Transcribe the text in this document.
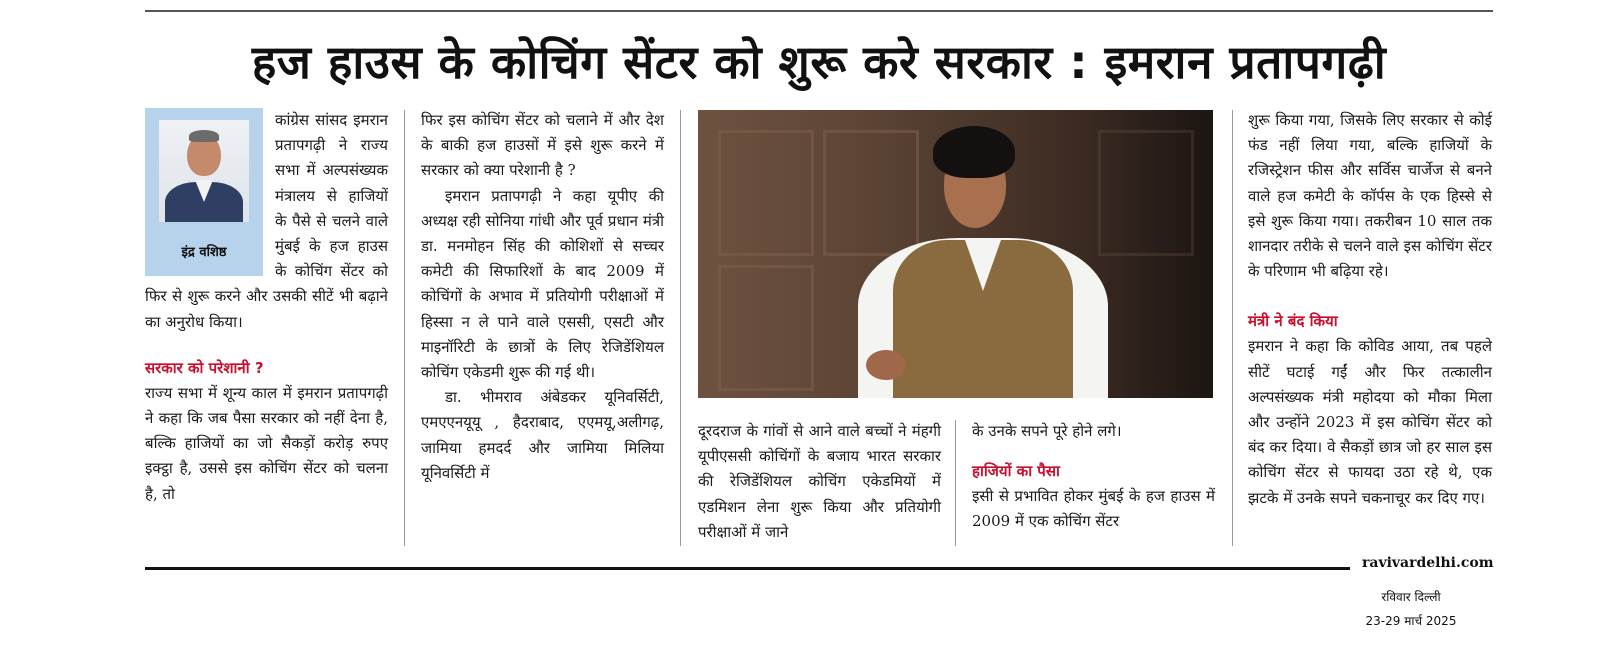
हज हाउस के कोचिंग सेंटर को शुरू करे सरकार : इमरान प्रतापगढ़ी
इंद्र वशिष्ठ

कांग्रेस सांसद इमरान प्रतापगढ़ी ने राज्य सभा में अल्पसंख्यक मंत्रालय से हाजियों के पैसे से चलने वाले मुंबई के हज हाउस के कोचिंग सेंटर को फिर से शुरू करने और उसकी सीटें भी बढ़ाने का अनुरोध किया।

सरकार को परेशानी ?

राज्य सभा में शून्य काल में इमरान प्रतापगढ़ी ने कहा कि जब पैसा सरकार को नहीं देना है, बल्कि हाजियों का जो सैकड़ों करोड़ रुपए इक्ट्ठा है, उससे इस कोचिंग सेंटर को चलना है, तो

फिर इस कोचिंग सेंटर को चलाने में और देश के बाकी हज हाउसों में इसे शुरू करने में सरकार को क्या परेशानी है ?

इमरान प्रतापगढ़ी ने कहा यूपीए की अध्यक्ष रही सोनिया गांधी और पूर्व प्रधान मंत्री डा. मनमोहन सिंह की कोशिशों से सच्चर कमेटी की सिफारिशों के बाद 2009 में कोचिंगों के अभाव में प्रतियोगी परीक्षाओं में हिस्सा न ले पाने वाले एससी, एसटी और माइनॉरिटी के छात्रों के लिए रेजिडेंशियल कोचिंग एकेडमी शुरू की गई थी।

डा. भीमराव अंबेडकर यूनिवर्सिटी, एमएएनयूयू , हैदराबाद, एएमयू,अलीगढ़, जामिया हमदर्द और जामिया मिलिया यूनिवर्सिटी में

दूरदराज के गांवों से आने वाले बच्चों ने मंहगी यूपीएससी कोचिंगों के बजाय भारत सरकार की रेजिडेंशियल कोचिंग एकेडमियों में एडमिशन लेना शुरू किया और प्रतियोगी परीक्षाओं में जाने

के उनके सपने पूरे होने लगे।

हाजियों का पैसा

इसी से प्रभावित होकर मुंबई के हज हाउस में 2009 में एक कोचिंग सेंटर

शुरू किया गया, जिसके लिए सरकार से कोई फंड नहीं लिया गया, बल्कि हाजियों के रजिस्ट्रेशन फीस और सर्विस चार्जेज से बनने वाले हज कमेटी के कॉर्पस के एक हिस्से से इसे शुरू किया गया। तकरीबन 10 साल तक शानदार तरीके से चलने वाले इस कोचिंग सेंटर के परिणाम भी बढ़िया रहे।

मंत्री ने बंद किया

इमरान ने कहा कि कोविड आया, तब पहले सीटें घटाई गईं और फिर तत्कालीन अल्पसंख्यक मंत्री महोदया को मौका मिला और उन्होंने 2023 में इस कोचिंग सेंटर को बंद कर दिया। वे सैकड़ों छात्र जो हर साल इस कोचिंग सेंटर से फायदा उठा रहे थे, एक झटके में उनके सपने चकनाचूर कर दिए गए।

ravivardelhi.com
रविवार दिल्ली
23-29 मार्च 2025
